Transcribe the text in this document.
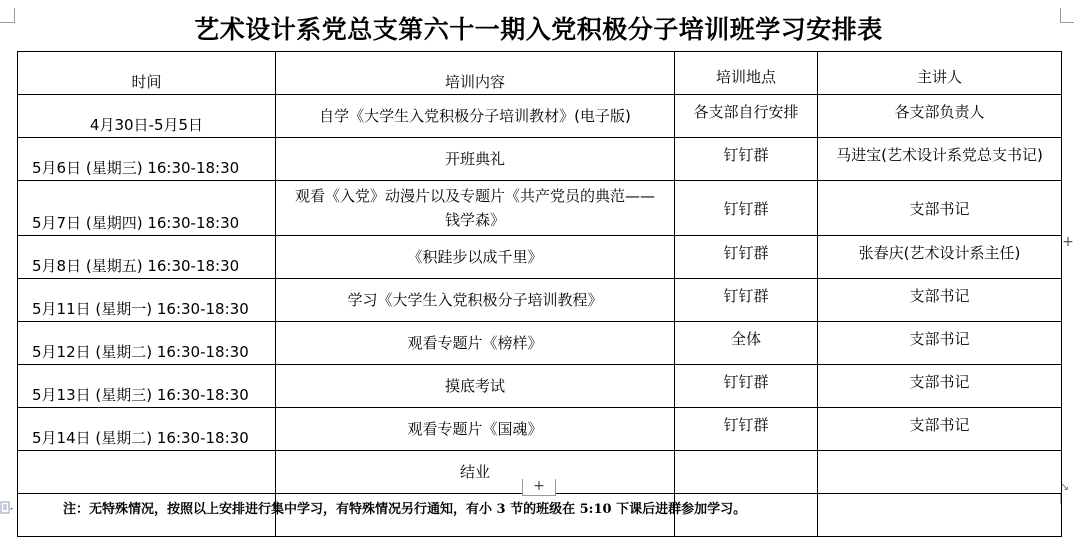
艺术设计系党总支第六十一期入党积极分子培训班学习安排表
时间	培训内容	培训地点	主讲人
4月30日-5月5日	自学《大学生入党积极分子培训教材》(电子版)	各支部自行安排	各支部负责人
5月6日 (星期三) 16:30-18:30	开班典礼	钉钉群	马进宝(艺术设计系党总支书记)
5月7日 (星期四) 16:30-18:30	观看《入党》动漫片以及专题片《共产党员的典范——
钱学森》	钉钉群	支部书记
5月8日 (星期五) 16:30-18:30	《积跬步以成千里》	钉钉群	张春庆(艺术设计系主任)
5月11日 (星期一) 16:30-18:30	学习《大学生入党积极分子培训教程》	钉钉群	支部书记
5月12日 (星期二) 16:30-18:30	观看专题片《榜样》	全体	支部书记
5月13日 (星期三) 16:30-18:30	摸底考试	钉钉群	支部书记
5月14日 (星期二) 16:30-18:30	观看专题片《国魂》	钉钉群	支部书记
	结业		

+
+
↘
注：无特殊情况，按照以上安排进行集中学习，有特殊情况另行通知，有小 3 节的班级在 5:10 下课后进群参加学习。
